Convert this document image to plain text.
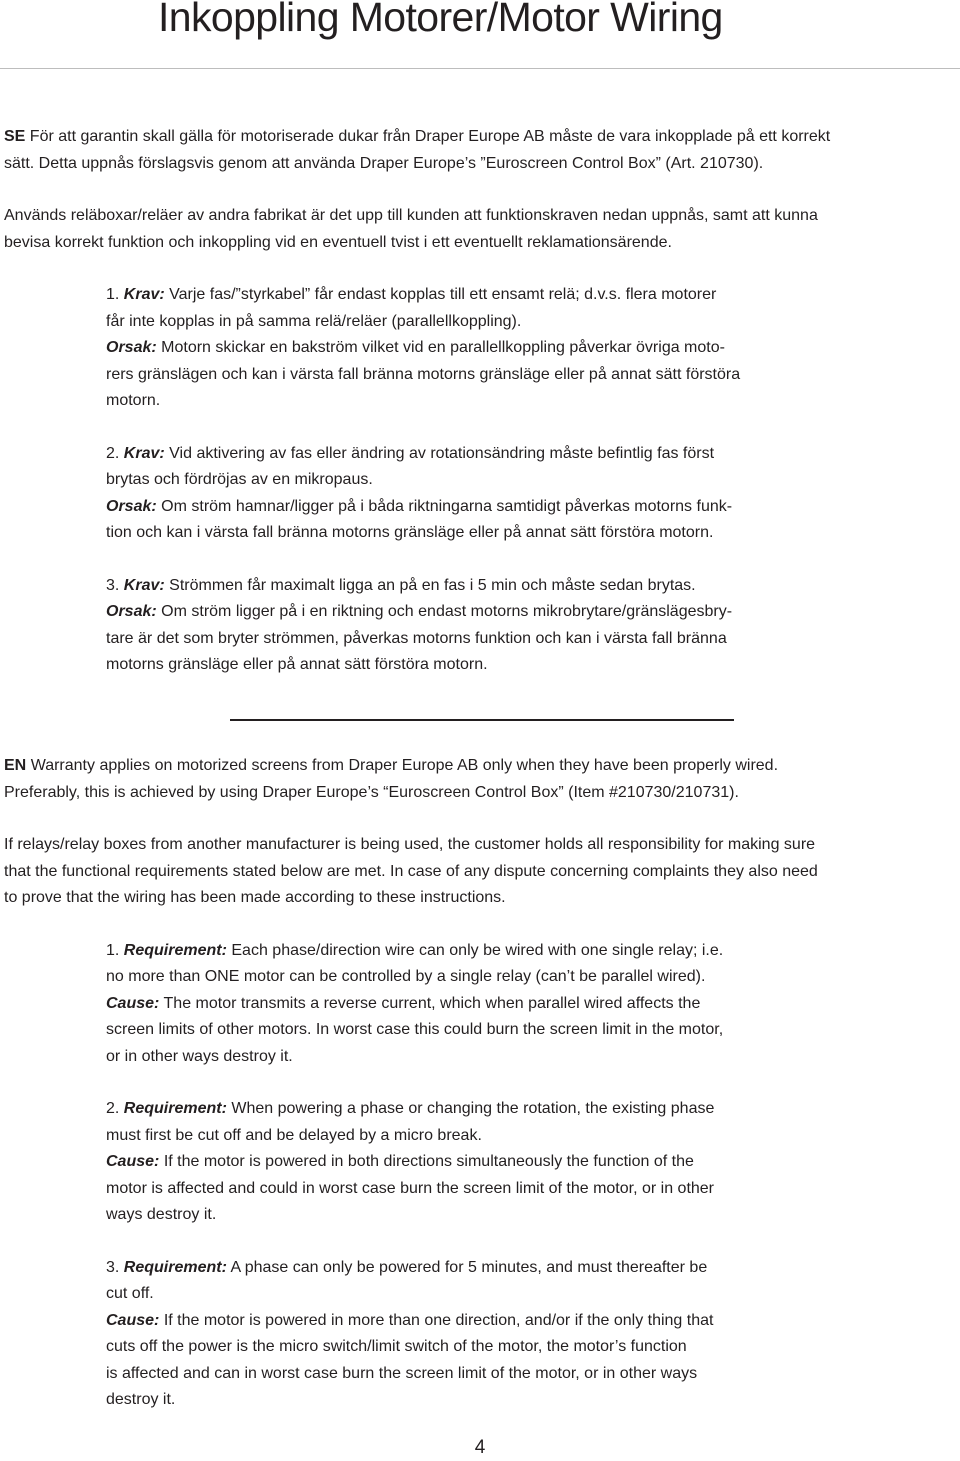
Inkoppling Motorer/Motor Wiring

SE För att garantin skall gälla för motoriserade dukar från Draper Europe AB måste de vara inkopplade på ett korrekt
sätt. Detta uppnås förslagsvis genom att använda Draper Europe’s ”Euroscreen Control Box” (Art. 210730).

Används reläboxar/reläer av andra fabrikat är det upp till kunden att funktionskraven nedan uppnås, samt att kunna
bevisa korrekt funktion och inkoppling vid en eventuell tvist i ett eventuellt reklamationsärende.

1. Krav: Varje fas/”styrkabel” får endast kopplas till ett ensamt relä; d.v.s. flera motorer
får inte kopplas in på samma relä/reläer (parallellkoppling).

Orsak: Motorn skickar en bakström vilket vid en parallellkoppling påverkar övriga moto-
rers gränslägen och kan i värsta fall bränna motorns gränsläge eller på annat sätt förstöra
motorn.

2. Krav: Vid aktivering av fas eller ändring av rotationsändring måste befintlig fas först
brytas och fördröjas av en mikropaus.

Orsak: Om ström hamnar/ligger på i båda riktningarna samtidigt påverkas motorns funk-
tion och kan i värsta fall bränna motorns gränsläge eller på annat sätt förstöra motorn.

3. Krav: Strömmen får maximalt ligga an på en fas i 5 min och måste sedan brytas.

Orsak: Om ström ligger på i en riktning och endast motorns mikrobrytare/gränslägesbry-
tare är det som bryter strömmen, påverkas motorns funktion och kan i värsta fall bränna
motorns gränsläge eller på annat sätt förstöra motorn.

EN Warranty applies on motorized screens from Draper Europe AB only when they have been properly wired.
Preferably, this is achieved by using Draper Europe’s “Euroscreen Control Box” (Item #210730/210731).

If relays/relay boxes from another manufacturer is being used, the customer holds all responsibility for making sure
that the functional requirements stated below are met. In case of any dispute concerning complaints they also need
to prove that the wiring has been made according to these instructions.

1. Requirement: Each phase/direction wire can only be wired with one single relay; i.e.
no more than ONE motor can be controlled by a single relay (can’t be parallel wired).

Cause: The motor transmits a reverse current, which when parallel wired affects the
screen limits of other motors. In worst case this could burn the screen limit in the motor,
or in other ways destroy it.

2. Requirement: When powering a phase or changing the rotation, the existing phase
must first be cut off and be delayed by a micro break.

Cause: If the motor is powered in both directions simultaneously the function of the
motor is affected and could in worst case burn the screen limit of the motor, or in other
ways destroy it.

3. Requirement: A phase can only be powered for 5 minutes, and must thereafter be
cut off.

Cause: If the motor is powered in more than one direction, and/or if the only thing that
cuts off the power is the micro switch/limit switch of the motor, the motor’s function
is affected and can in worst case burn the screen limit of the motor, or in other ways
destroy it.

4
